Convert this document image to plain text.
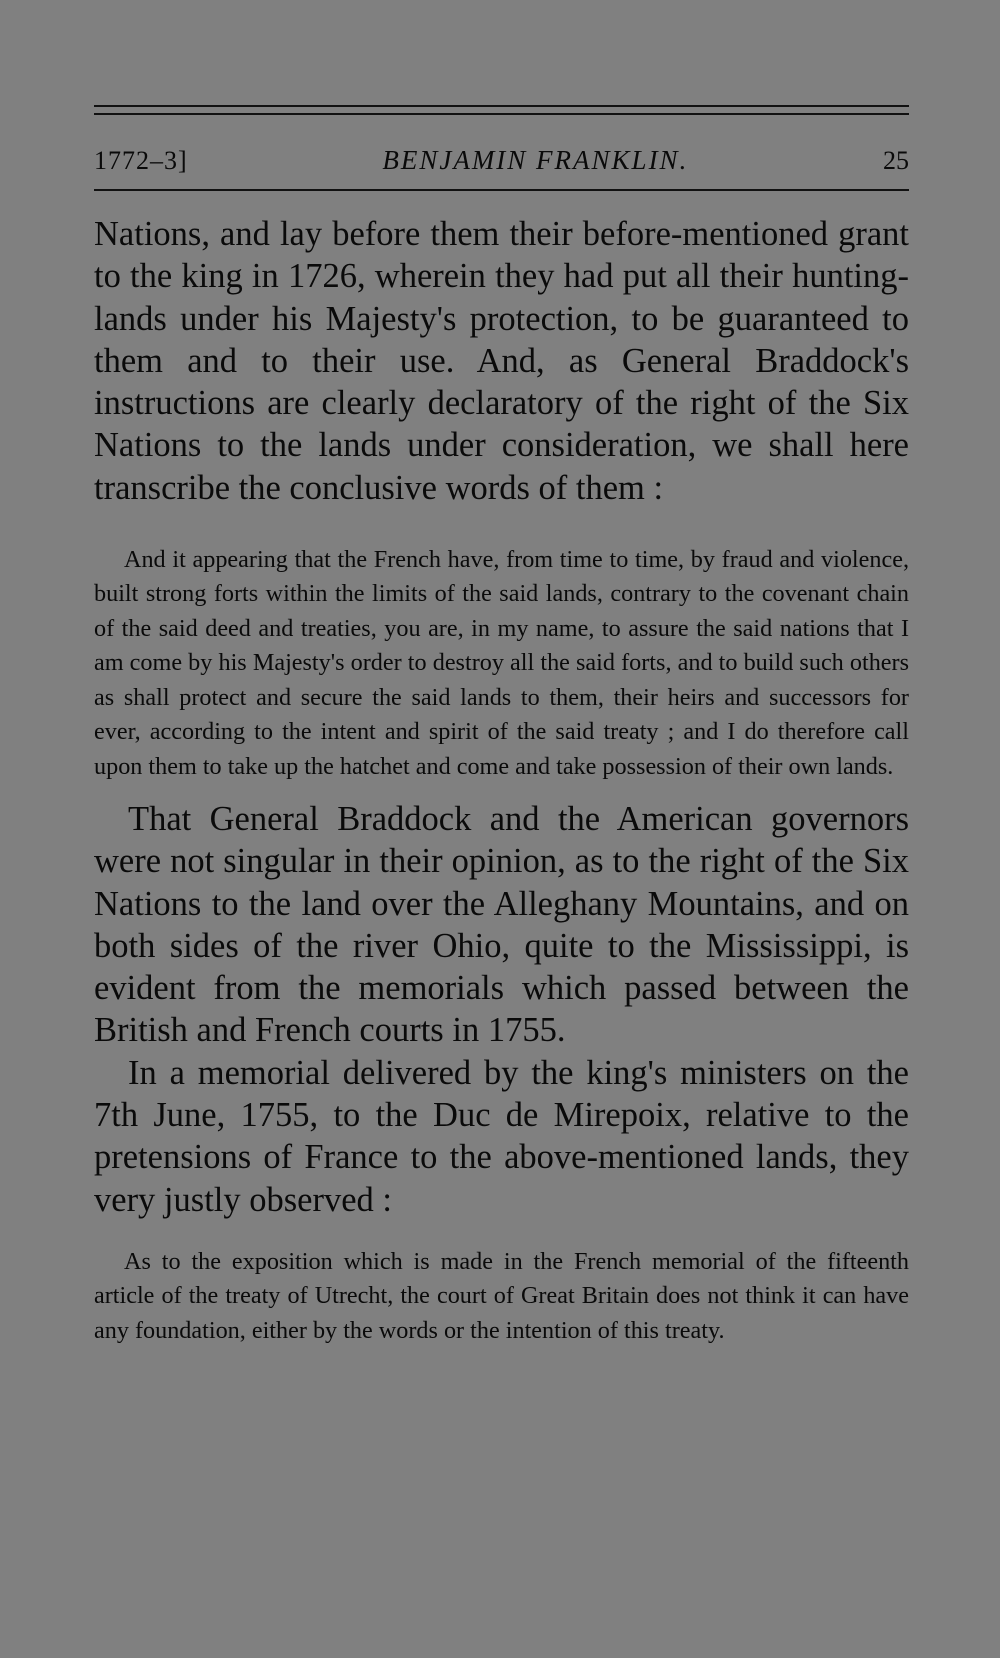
1772–3]	BENJAMIN FRANKLIN.	25

Nations, and lay before them their before-mentioned grant to the king in 1726, wherein they had put all their hunting-lands under his Majesty's protection, to be guaranteed to them and to their use. And, as General Braddock's instructions are clearly declaratory of the right of the Six Nations to the lands under consideration, we shall here transcribe the conclusive words of them :

And it appearing that the French have, from time to time, by fraud and violence, built strong forts within the limits of the said lands, contrary to the covenant chain of the said deed and treaties, you are, in my name, to assure the said nations that I am come by his Majesty's order to destroy all the said forts, and to build such others as shall protect and secure the said lands to them, their heirs and successors for ever, according to the intent and spirit of the said treaty ; and I do therefore call upon them to take up the hatchet and come and take possession of their own lands.

That General Braddock and the American governors were not singular in their opinion, as to the right of the Six Nations to the land over the Alleghany Mountains, and on both sides of the river Ohio, quite to the Mississippi, is evident from the memorials which passed between the British and French courts in 1755.

In a memorial delivered by the king's ministers on the 7th June, 1755, to the Duc de Mirepoix, relative to the pretensions of France to the above-mentioned lands, they very justly observed :

As to the exposition which is made in the French memorial of the fifteenth article of the treaty of Utrecht, the court of Great Britain does not think it can have any foundation, either by the words or the intention of this treaty.
